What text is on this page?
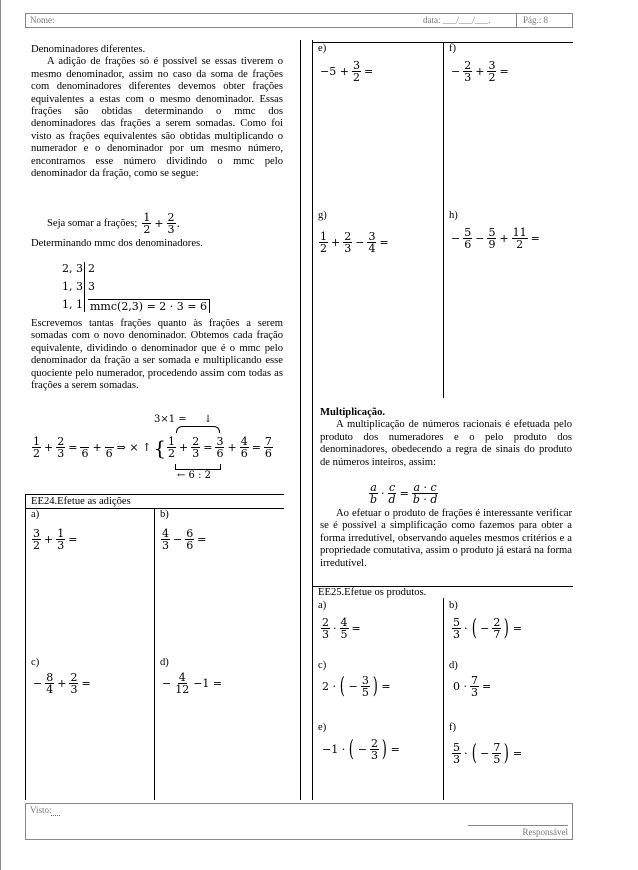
Nome:	data: ___/___/___.	Pág.: 8
Denominadores diferentes.
A adição de frações só é possível se essas tiverem o mesmo denominador, assim no caso da soma de frações com denominadores diferentes devemos obter frações equivalentes a estas com o mesmo denominador. Essas frações são obtidas determinando o mmc dos denominadores das frações a serem somadas. Como foi visto as frações equivalentes são obtidas multiplicando o numerador e o denominador por um mesmo número, encontramos esse número dividindo o mmc pelo denominador da fração, como se segue:
Seja somar a frações; $\frac{1}{2} + \frac{2}{3}$ .
Determinando mmc dos denominadores.
2, 3
1, 3
1, 1
2
3
mmc(2,3) = 2 · 3 = 6
Escrevemos tantas frações quanto às frações a serem somadas com o novo denominador. Obtemos cada fração equivalente, dividindo o denominador que é o mmc pelo denominador da fração a ser somada e multiplicando esse quociente pelo numerador, procedendo assim com todas as frações a serem somadas.
3×1 = ↓
$\frac{1}{2} + \frac{2}{3}$ =
6 +
6 ⇒ × ↑ { $\frac{1}{2} + \frac{2}{3} = \frac{3}{6} + \frac{4}{6} = \frac{7}{6}$
← 6 : 2
EE24.Efetue as adições
a)
$\frac{3}{2} + \frac{1}{3}$ =
b)
$\frac{4}{3} - \frac{6}{6}$ =
c)
− $\frac{8}{4} + \frac{2}{3}$ =
d)
− $\frac{4}{12} -1$ =
e)
$-5 + \frac{3}{2}$ =
f)
− $\frac{2}{3} + \frac{3}{2}$ =
g)
$\frac{1}{2} + \frac{2}{3} - \frac{3}{4}$ =
h)
− $\frac{5}{6} - \frac{5}{9} + \frac{11}{2}$ =
Multiplicação.
A multiplicação de números racionais é efetuada pelo produto dos numeradores e o pelo produto dos denominadores, obedecendo a regra de sinais do produto de números inteiros, assim:
$\frac{a}{b} \cdot \frac{c}{d} = \frac{a \cdot c}{b \cdot d}$
Ao efetuar o produto de frações é interessante verificar se é possível a simplificação como fazemos para obter a forma irredutível, observando aqueles mesmos critérios e a propriedade comutativa, assim o produto já estará na forma irredutível.
EE25.Efetue os produtos.
a)
$\frac{2}{3} \cdot \frac{4}{5}$ =
b)
$\frac{5}{3}$ · ( − $\frac{2}{7}$ ) =
c)
2 · ( − $\frac{3}{5}$ ) =
d)
$0 \cdot \frac{7}{3}$ =
e)
−1 · ( − $\frac{2}{3}$ ) =
f)
$\frac{5}{3}$ · ( − $\frac{7}{5}$ ) =
Visto:
Responsável
